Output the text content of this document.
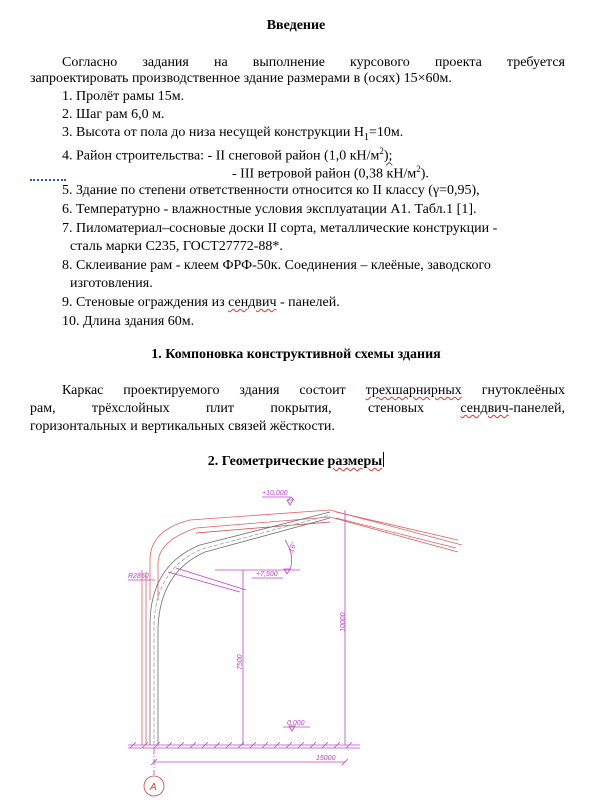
Введение
Согласно задания на выполнение курсового проекта требуется
запроектировать производственное здание размерами в (осях) 15×60м.
1. Пролёт рамы 15м.
2. Шаг рам 6,0 м.
3. Высота от пола до низа несущей конструкции $H_1=10м$.
4. Район строительства: - II снеговой район (1,0 $кН/м^2$);
- III ветровой район (0,38 $кН/м^2$).
5. Здание по степени ответственности относится ко II классу (γ=0,95),
6. Температурно - влажностные условия эксплуатации А1. Табл.1 [1].
7. Пиломатериал–сосновые доски II сорта, металлические конструкции -
сталь марки С235, ГОСТ27772-88*.
8. Склеивание рам - клеем ФРФ-50к. Соединения – клеёные, заводского
изготовления.
9. Стеновые ограждения из сендвич - панелей.
10. Длина здания 60м.
1. Компоновка конструктивной схемы здания
Каркас проектируемого здания состоит трехшарнирных гнутоклеёных
рам, трёхслойных плит покрытия, стеновых сендвич-панелей,
горизонтальных и вертикальных связей жёсткости.
2. Геометрические размеры
+10,000
+7,500
0,000
R2850
16°
7500
10000
15000
A
